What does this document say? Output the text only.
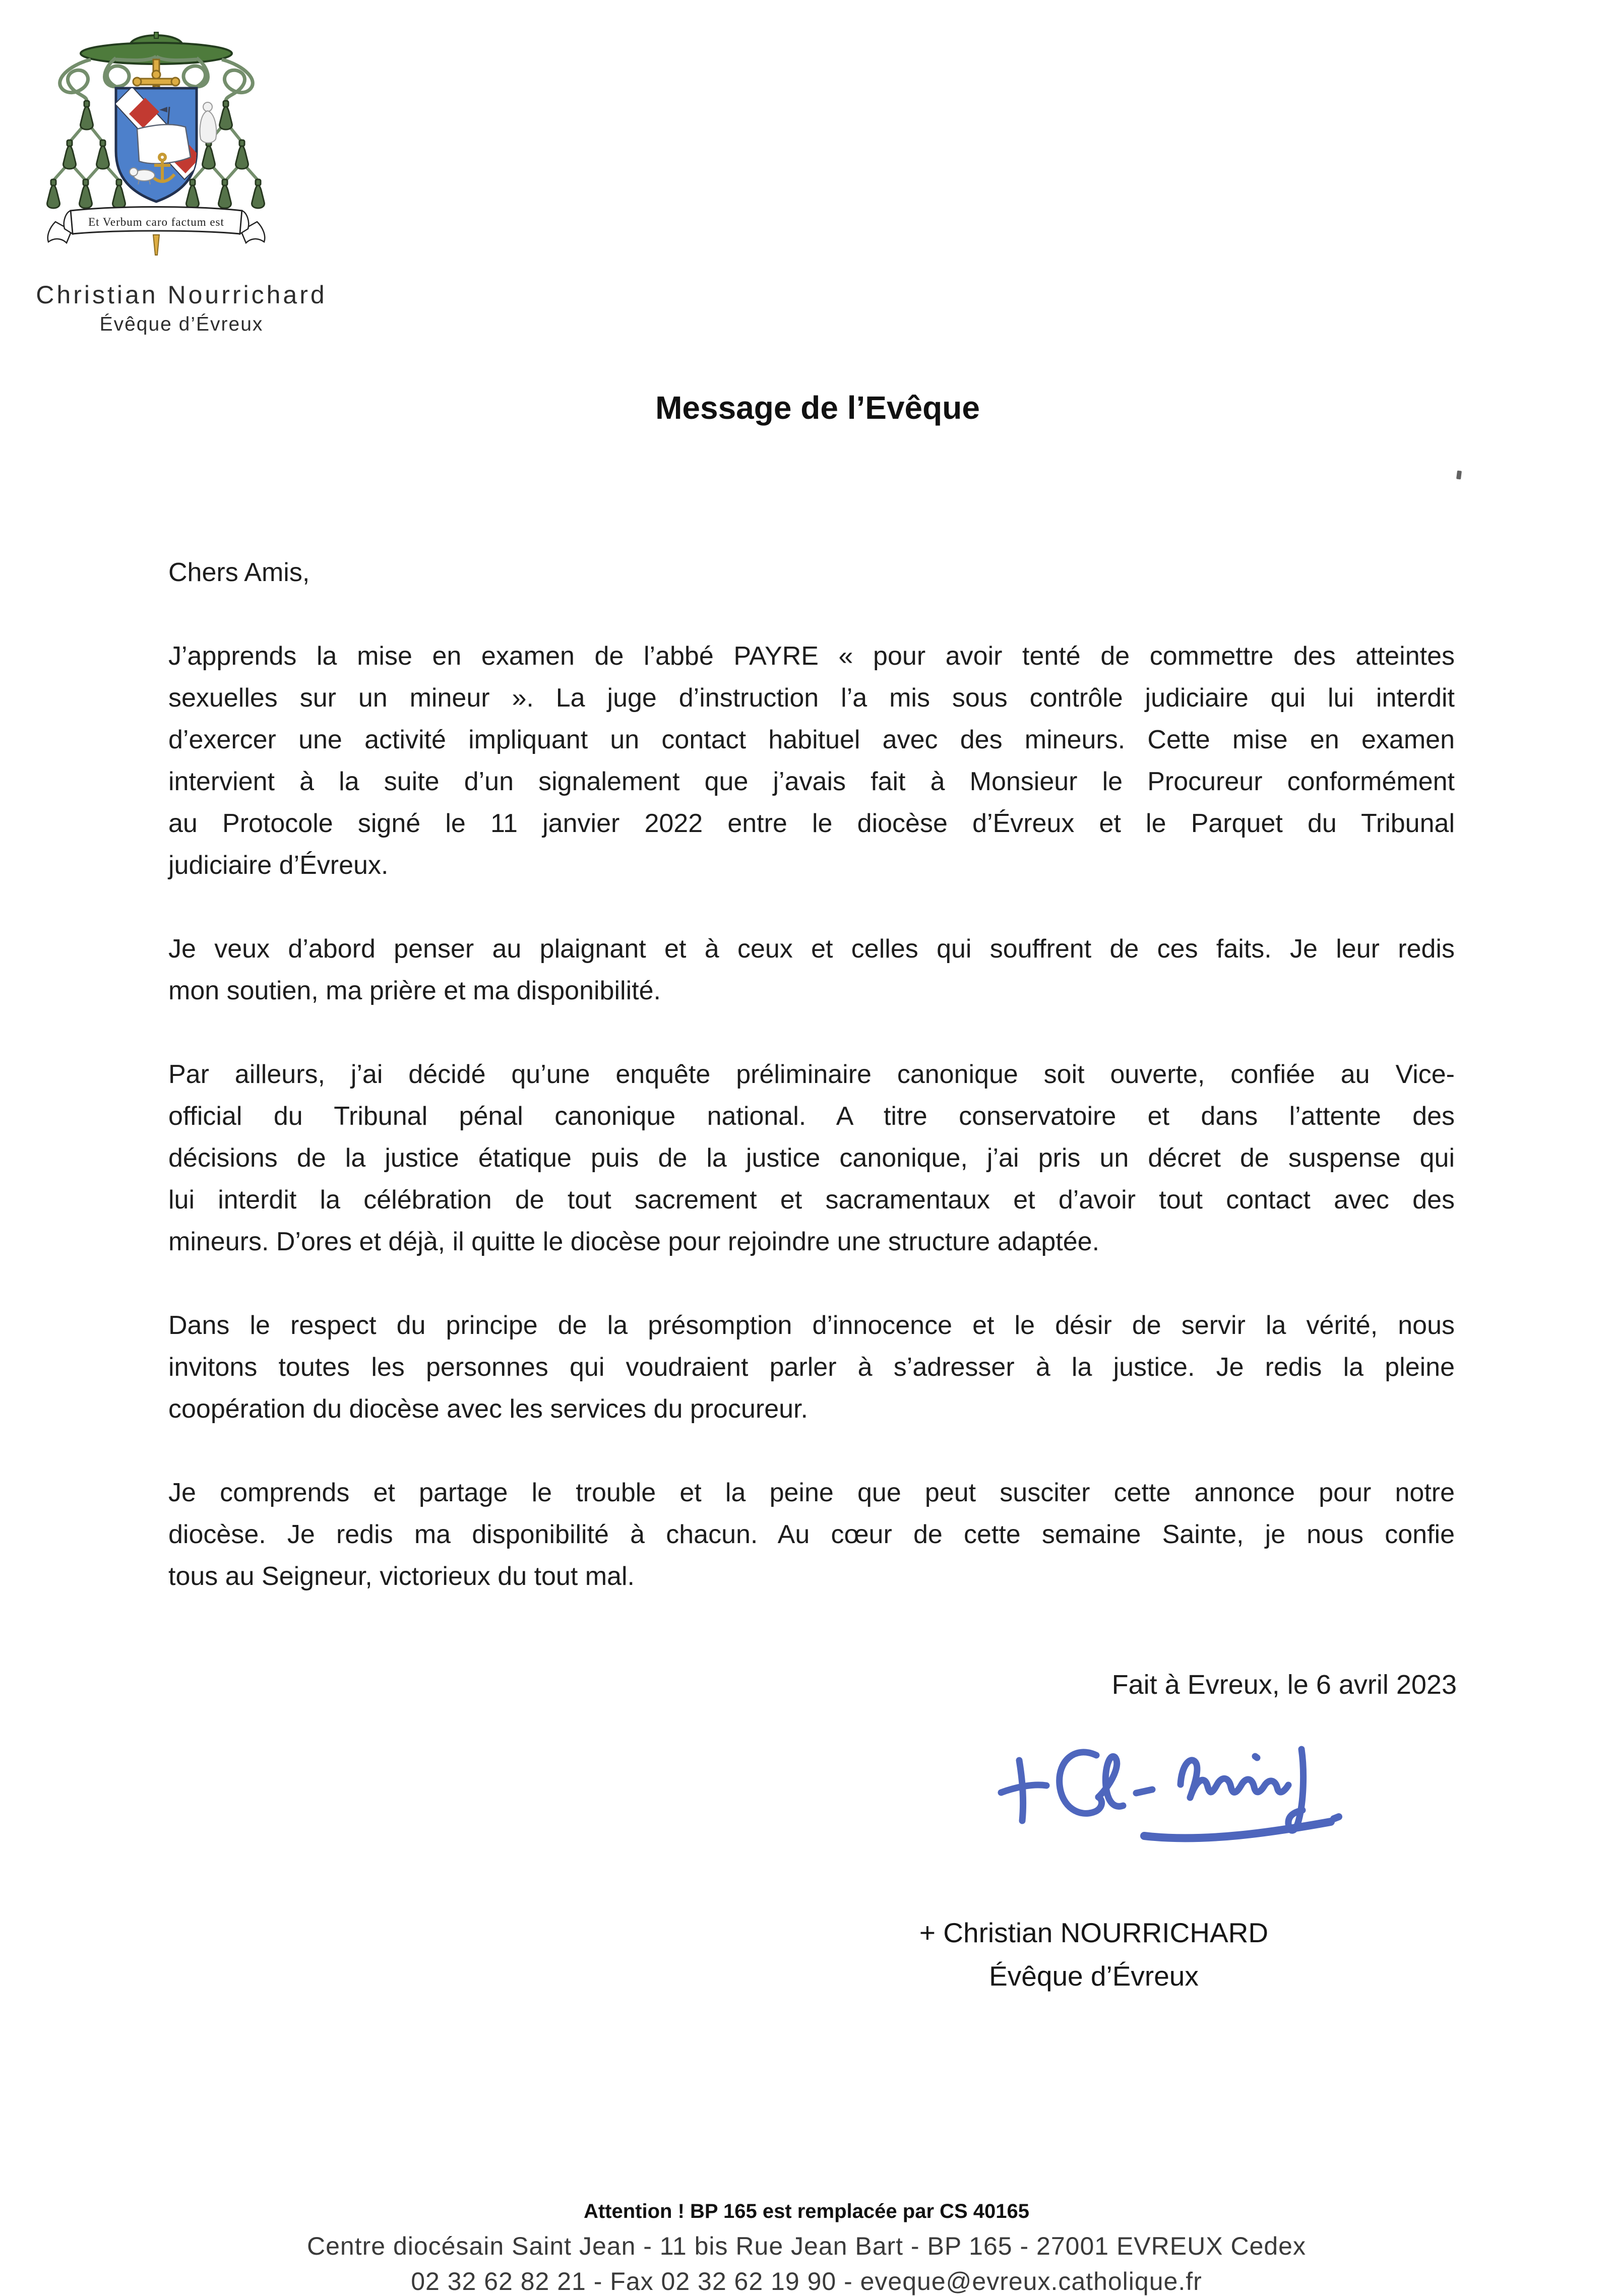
Et Verbum caro factum est
Christian Nourrichard
Évêque d’Évreux
Message de l’Evêque

Chers Amis,

J’apprends la mise en examen de l’abbé PAYRE « pour avoir tenté de commettre des atteintes
sexuelles sur un mineur ». La juge d’instruction l’a mis sous contrôle judiciaire qui lui interdit
d’exercer une activité impliquant un contact habituel avec des mineurs. Cette mise en examen
intervient à la suite d’un signalement que j’avais fait à Monsieur le Procureur conformément
au Protocole signé le 11 janvier 2022 entre le diocèse d’Évreux et le Parquet du Tribunal
judiciaire d’Évreux.

Je veux d’abord penser au plaignant et à ceux et celles qui souffrent de ces faits. Je leur redis
mon soutien, ma prière et ma disponibilité.

Par ailleurs, j’ai décidé qu’une enquête préliminaire canonique soit ouverte, confiée au Vice-
official du Tribunal pénal canonique national. A titre conservatoire et dans l’attente des
décisions de la justice étatique puis de la justice canonique, j’ai pris un décret de suspense qui
lui interdit la célébration de tout sacrement et sacramentaux et d’avoir tout contact avec des
mineurs. D’ores et déjà, il quitte le diocèse pour rejoindre une structure adaptée.

Dans le respect du principe de la présomption d’innocence et le désir de servir la vérité, nous
invitons toutes les personnes qui voudraient parler à s’adresser à la justice. Je redis la pleine
coopération du diocèse avec les services du procureur.

Je comprends et partage le trouble et la peine que peut susciter cette annonce pour notre
diocèse. Je redis ma disponibilité à chacun. Au cœur de cette semaine Sainte, je nous confie
tous au Seigneur, victorieux du tout mal.

Fait à Evreux, le 6 avril 2023
+ Christian NOURRICHARD
Évêque d’Évreux
Attention ! BP 165 est remplacée par CS 40165
Centre diocésain Saint Jean - 11 bis Rue Jean Bart - BP 165 - 27001 EVREUX Cedex
02 32 62 82 21 - Fax 02 32 62 19 90 - eveque@evreux.catholique.fr
